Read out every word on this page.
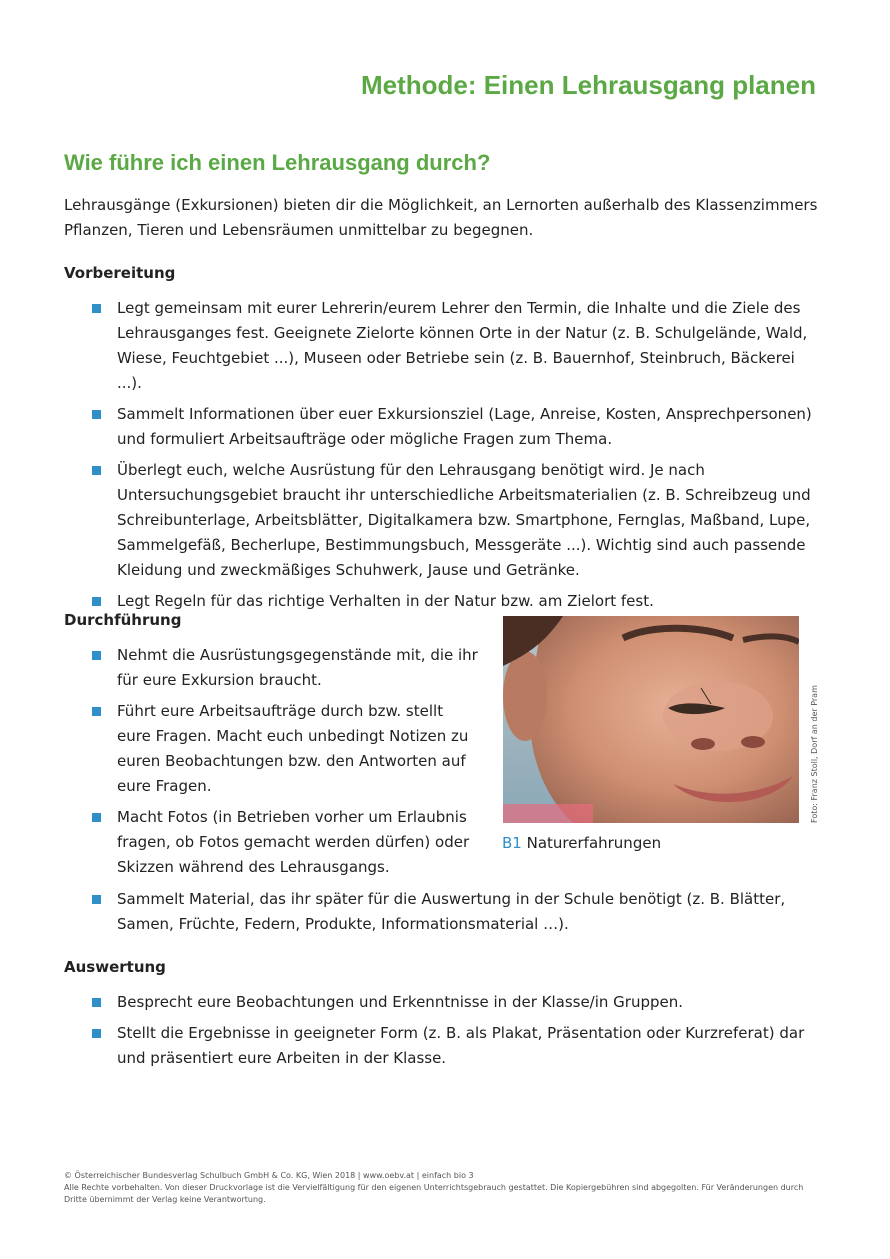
Methode: Einen Lehrausgang planen
Wie führe ich einen Lehrausgang durch?

Lehrausgänge (Exkursionen) bieten dir die Möglichkeit, an Lernorten außerhalb des Klassenzimmers Pflanzen, Tieren und Lebensräumen unmittelbar zu begegnen.

Vorbereitung

Legt gemeinsam mit eurer Lehrerin/eurem Lehrer den Termin, die Inhalte und die Ziele des Lehrausganges fest. Geeignete Zielorte können Orte in der Natur (z. B. Schulgelände, Wald, Wiese, Feuchtgebiet ...), Museen oder Betriebe sein (z. B. Bauernhof, Steinbruch, Bäckerei ...).
Sammelt Informationen über euer Exkursionsziel (Lage, Anreise, Kosten, Ansprechpersonen) und formuliert Arbeitsaufträge oder mögliche Fragen zum Thema.
Überlegt euch, welche Ausrüstung für den Lehrausgang benötigt wird. Je nach Untersuchungsgebiet braucht ihr unterschiedliche Arbeitsmaterialien (z. B. Schreibzeug und Schreibunterlage, Arbeitsblätter, Digitalkamera bzw. Smartphone, Fernglas, Maßband, Lupe, Sammelgefäß, Becherlupe, Bestimmungsbuch, Messgeräte ...). Wichtig sind auch passende Kleidung und zweckmäßiges Schuhwerk, Jause und Getränke.
Legt Regeln für das richtige Verhalten in der Natur bzw. am Zielort fest.

Durchführung

Nehmt die Ausrüstungsgegenstände mit, die ihr für eure Exkursion braucht.
Führt eure Arbeitsaufträge durch bzw. stellt eure Fragen. Macht euch unbedingt Notizen zu euren Beobachtungen bzw. den Antworten auf eure Fragen.
Macht Fotos (in Betrieben vorher um Erlaubnis fragen, ob Fotos gemacht werden dürfen) oder Skizzen während des Lehrausgangs.
Sammelt Material, das ihr später für die Auswertung in der Schule benötigt (z. B. Blätter, Samen, Früchte, Federn, Produkte, Informationsmaterial …).
Foto: Franz Stoll, Dorf an der Pram
B1 Naturerfahrungen

Auswertung

Besprecht eure Beobachtungen und Erkenntnisse in der Klasse/in Gruppen.
Stellt die Ergebnisse in geeigneter Form (z. B. als Plakat, Präsentation oder Kurzreferat) dar und präsentiert eure Arbeiten in der Klasse.

© Österreichischer Bundesverlag Schulbuch GmbH & Co. KG, Wien 2018 | www.oebv.at | einfach bio 3

Alle Rechte vorbehalten. Von dieser Druckvorlage ist die Vervielfältigung für den eigenen Unterrichtsgebrauch gestattet. Die Kopiergebühren sind abgegolten. Für Veränderungen durch Dritte übernimmt der Verlag keine Verantwortung.
